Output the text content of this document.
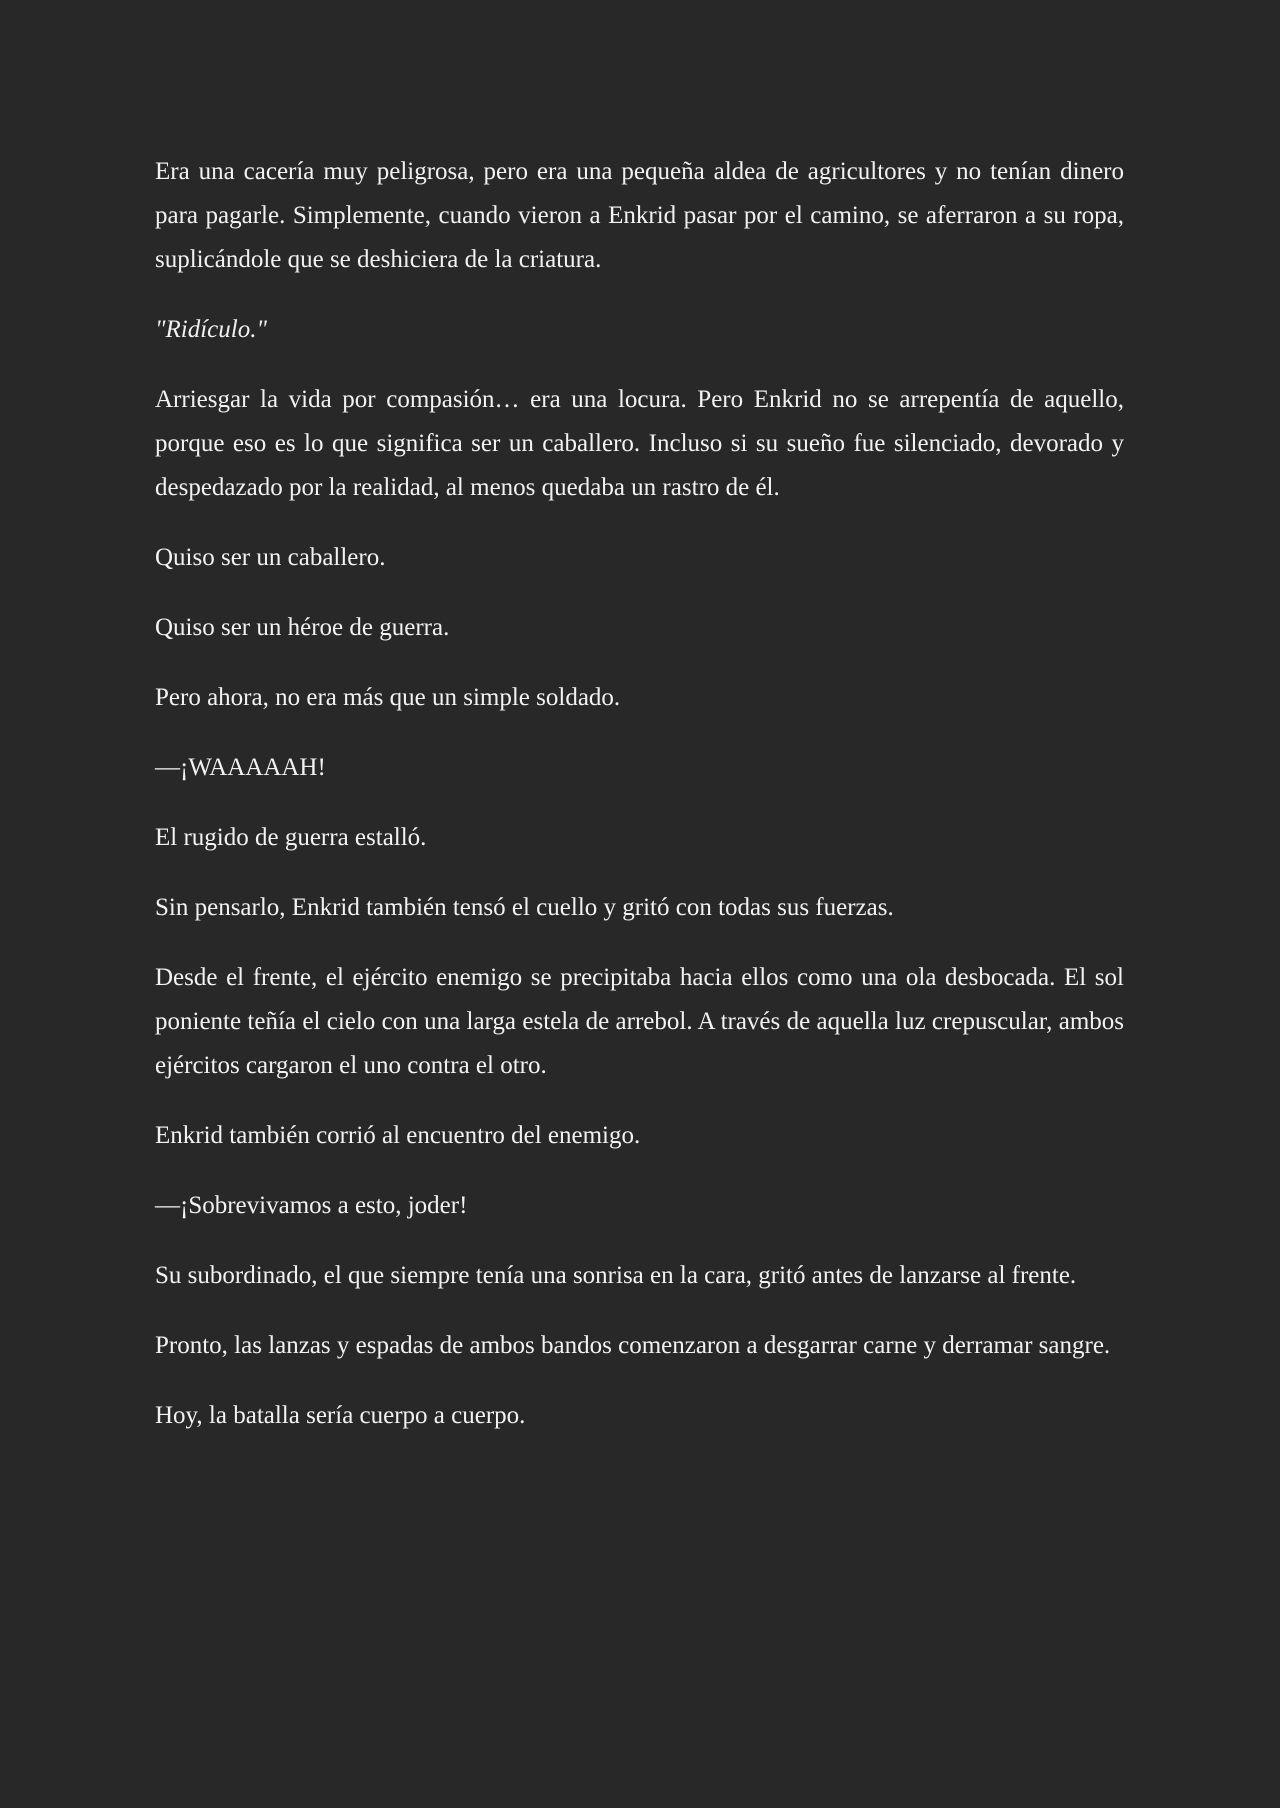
Era una cacería muy peligrosa, pero era una pequeña aldea de agricultores y no tenían dinero para pagarle. Simplemente, cuando vieron a Enkrid pasar por el camino, se aferraron a su ropa, suplicándole que se deshiciera de la criatura.

"Ridículo."

Arriesgar la vida por compasión… era una locura. Pero Enkrid no se arrepentía de aquello, porque eso es lo que significa ser un caballero. Incluso si su sueño fue silenciado, devorado y despedazado por la realidad, al menos quedaba un rastro de él.

Quiso ser un caballero.

Quiso ser un héroe de guerra.

Pero ahora, no era más que un simple soldado.

—¡WAAAAAH!

El rugido de guerra estalló.

Sin pensarlo, Enkrid también tensó el cuello y gritó con todas sus fuerzas.

Desde el frente, el ejército enemigo se precipitaba hacia ellos como una ola desbocada. El sol poniente teñía el cielo con una larga estela de arrebol. A través de aquella luz crepuscular, ambos ejércitos cargaron el uno contra el otro.

Enkrid también corrió al encuentro del enemigo.

—¡Sobrevivamos a esto, joder!

Su subordinado, el que siempre tenía una sonrisa en la cara, gritó antes de lanzarse al frente.

Pronto, las lanzas y espadas de ambos bandos comenzaron a desgarrar carne y derramar sangre.

Hoy, la batalla sería cuerpo a cuerpo.
